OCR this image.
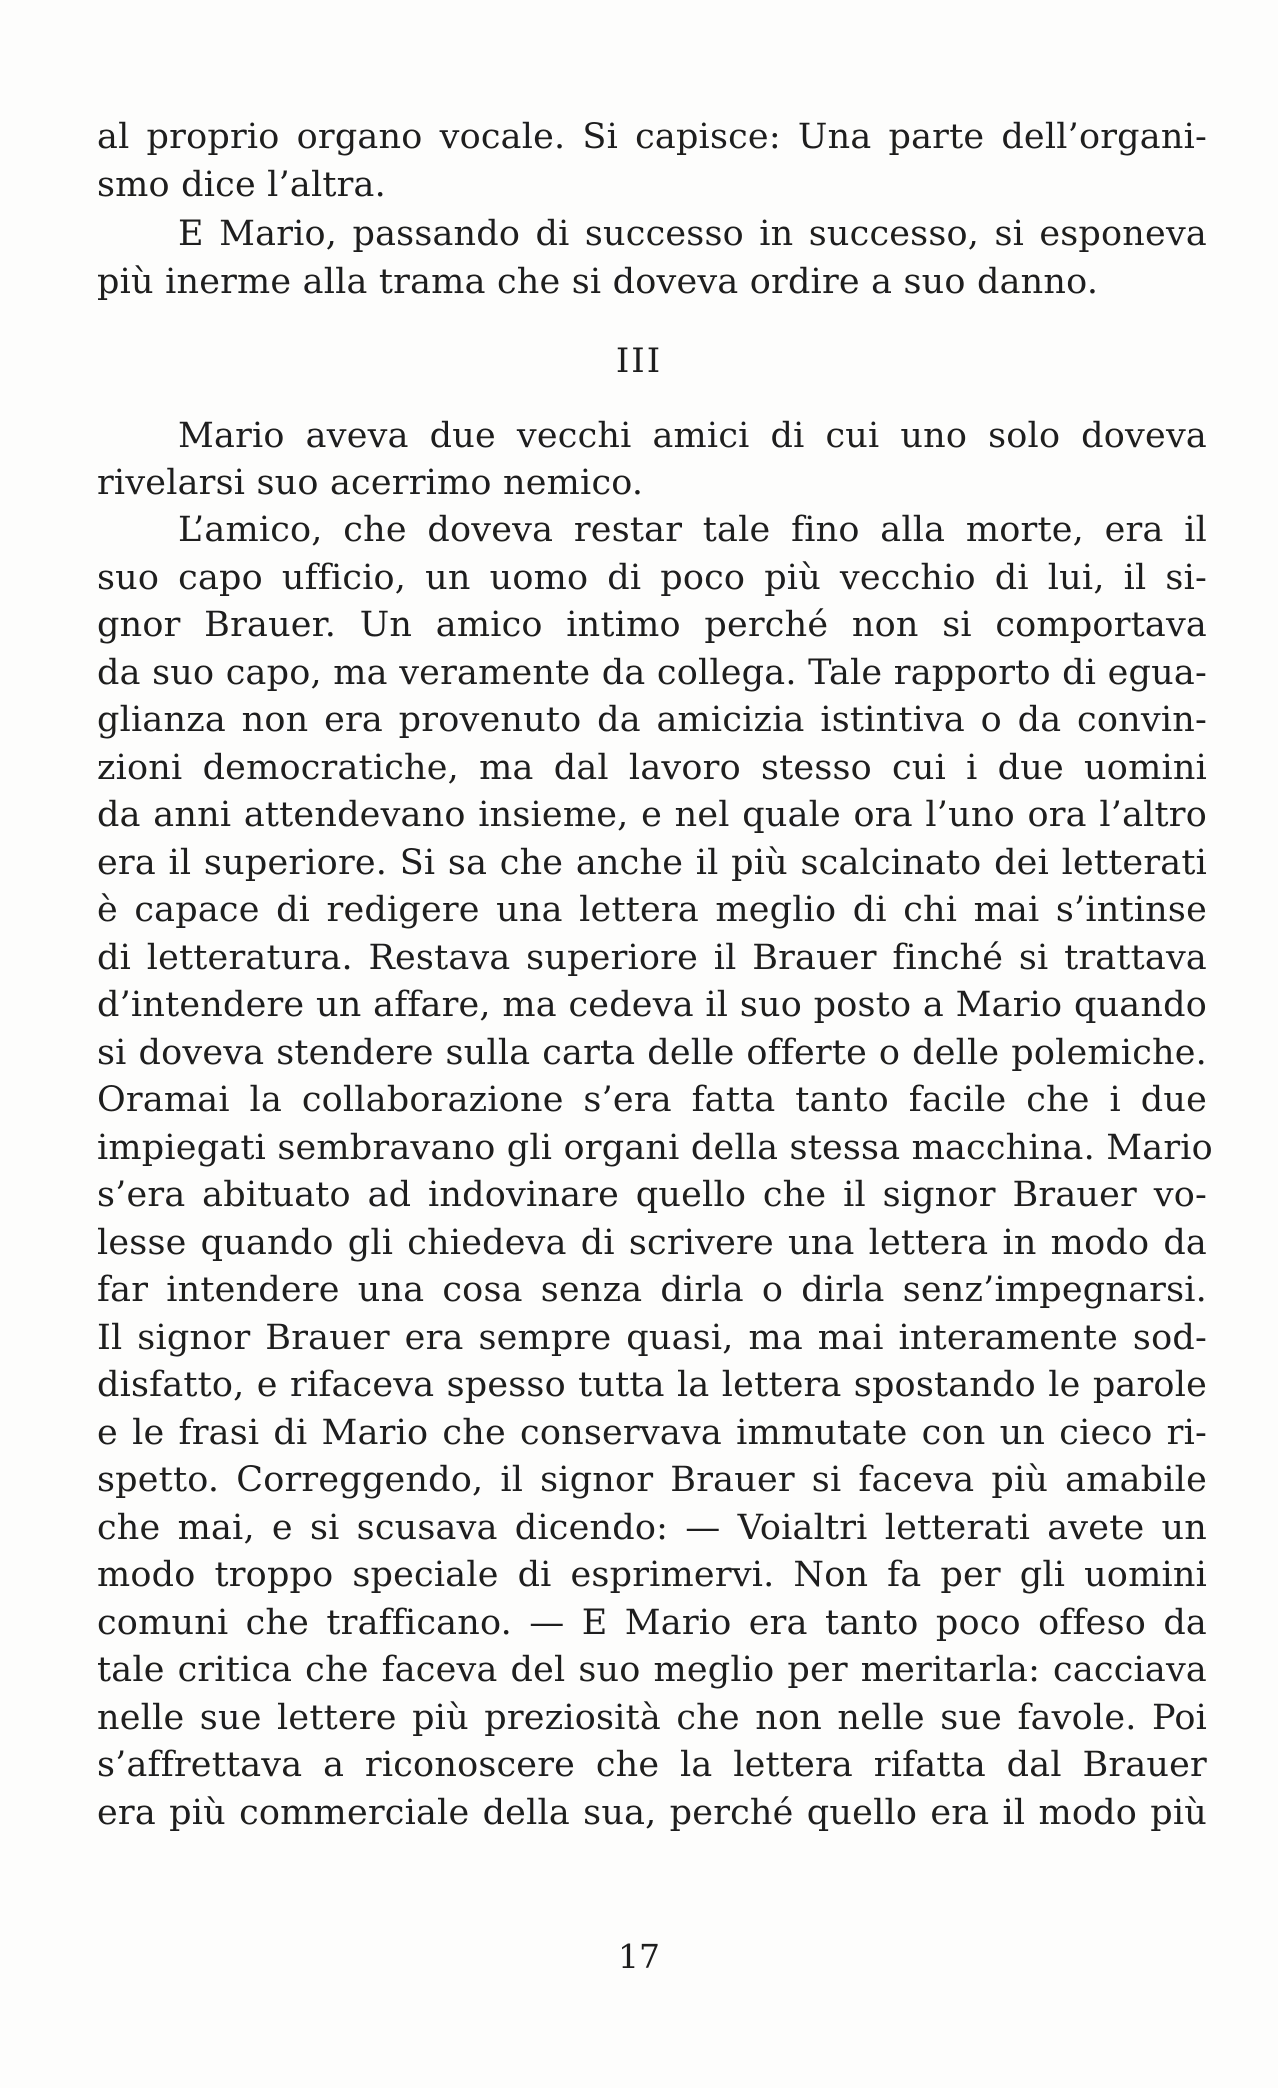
al proprio organo vocale. Si capisce: Una parte dell’organi-
smo dice l’altra.
E Mario, passando di successo in successo, si esponeva
più inerme alla trama che si doveva ordire a suo danno.
III
Mario aveva due vecchi amici di cui uno solo doveva
rivelarsi suo acerrimo nemico.
L’amico, che doveva restar tale fino alla morte, era il
suo capo ufficio, un uomo di poco più vecchio di lui, il si-
gnor Brauer. Un amico intimo perché non si comportava
da suo capo, ma veramente da collega. Tale rapporto di egua-
glianza non era provenuto da amicizia istintiva o da convin-
zioni democratiche, ma dal lavoro stesso cui i due uomini
da anni attendevano insieme, e nel quale ora l’uno ora l’altro
era il superiore. Si sa che anche il più scalcinato dei letterati
è capace di redigere una lettera meglio di chi mai s’intinse
di letteratura. Restava superiore il Brauer finché si trattava
d’intendere un affare, ma cedeva il suo posto a Mario quando
si doveva stendere sulla carta delle offerte o delle polemiche.
Oramai la collaborazione s’era fatta tanto facile che i due
impiegati sembravano gli organi della stessa macchina. Mario
s’era abituato ad indovinare quello che il signor Brauer vo-
lesse quando gli chiedeva di scrivere una lettera in modo da
far intendere una cosa senza dirla o dirla senz’impegnarsi.
Il signor Brauer era sempre quasi, ma mai interamente sod-
disfatto, e rifaceva spesso tutta la lettera spostando le parole
e le frasi di Mario che conservava immutate con un cieco ri-
spetto. Correggendo, il signor Brauer si faceva più amabile
che mai, e si scusava dicendo: — Voialtri letterati avete un
modo troppo speciale di esprimervi. Non fa per gli uomini
comuni che trafficano. — E Mario era tanto poco offeso da
tale critica che faceva del suo meglio per meritarla: cacciava
nelle sue lettere più preziosità che non nelle sue favole. Poi
s’affrettava a riconoscere che la lettera rifatta dal Brauer
era più commerciale della sua, perché quello era il modo più
17
